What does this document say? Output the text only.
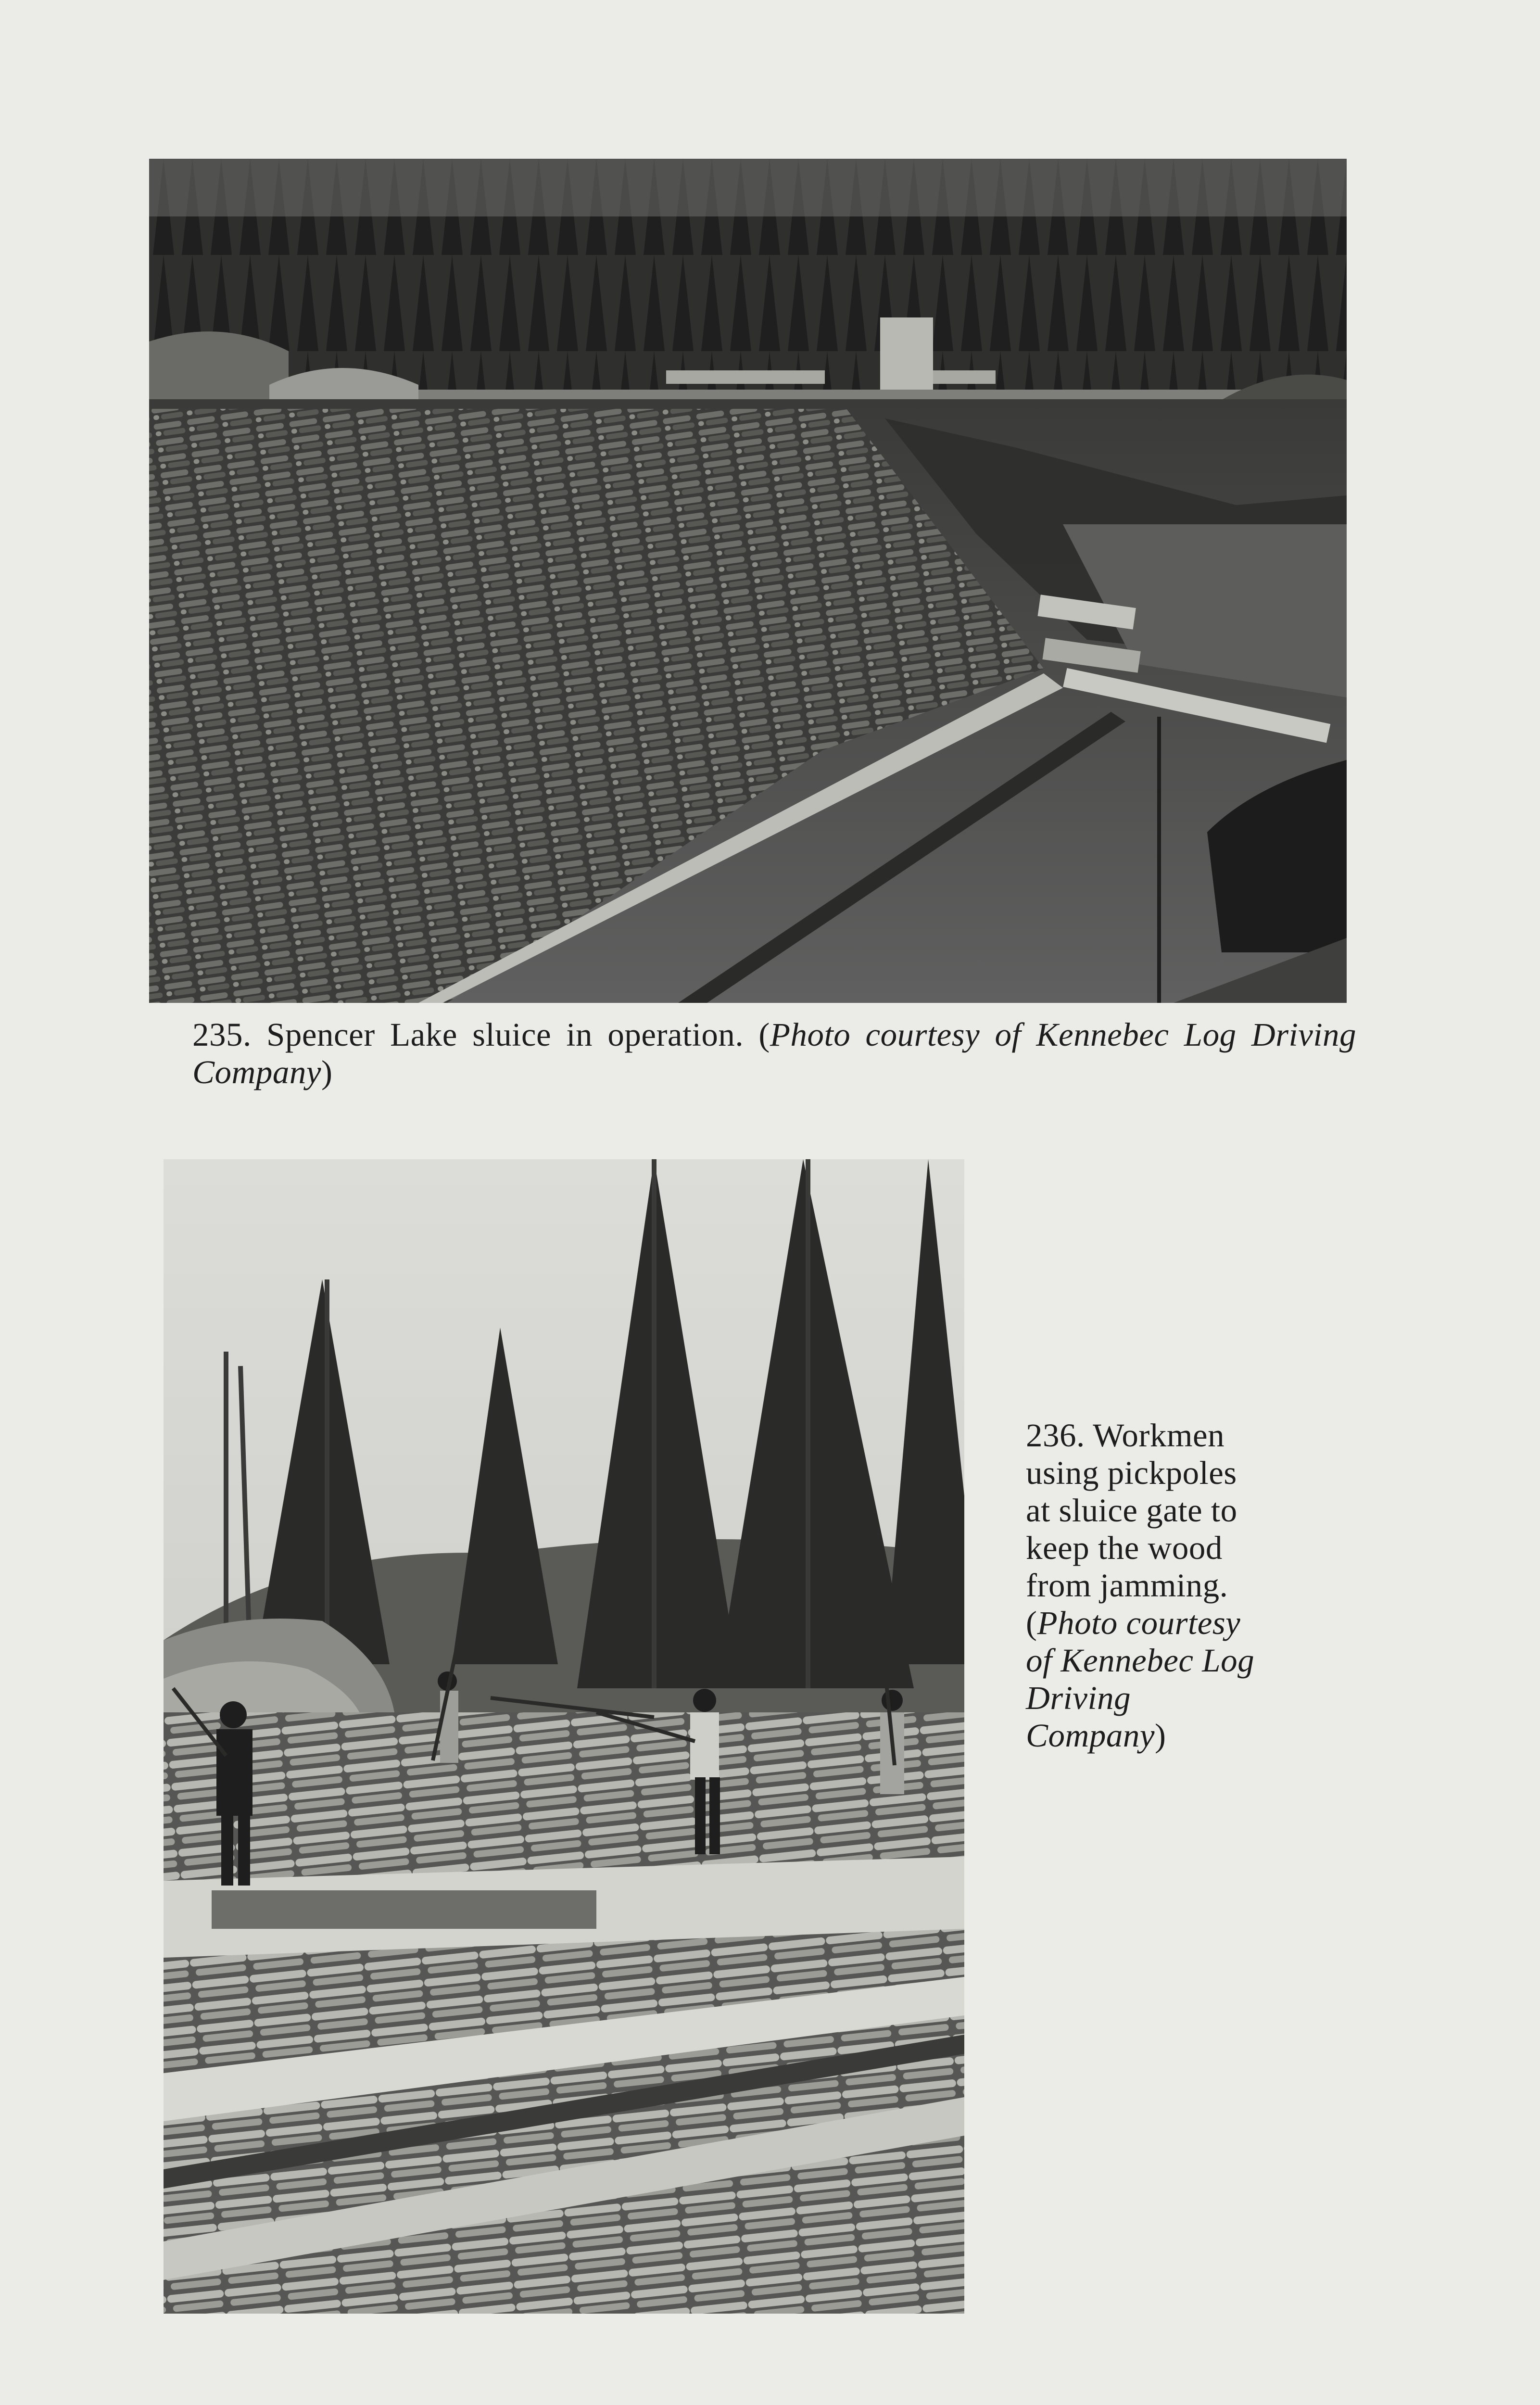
235. Spencer Lake sluice in operation. (Photo courtesy of Kennebec Log Driving Company)
236. Workmen
using pickpoles
at sluice gate to
keep the wood
from jamming.
(Photo courtesy
of Kennebec Log
Driving
Company)
